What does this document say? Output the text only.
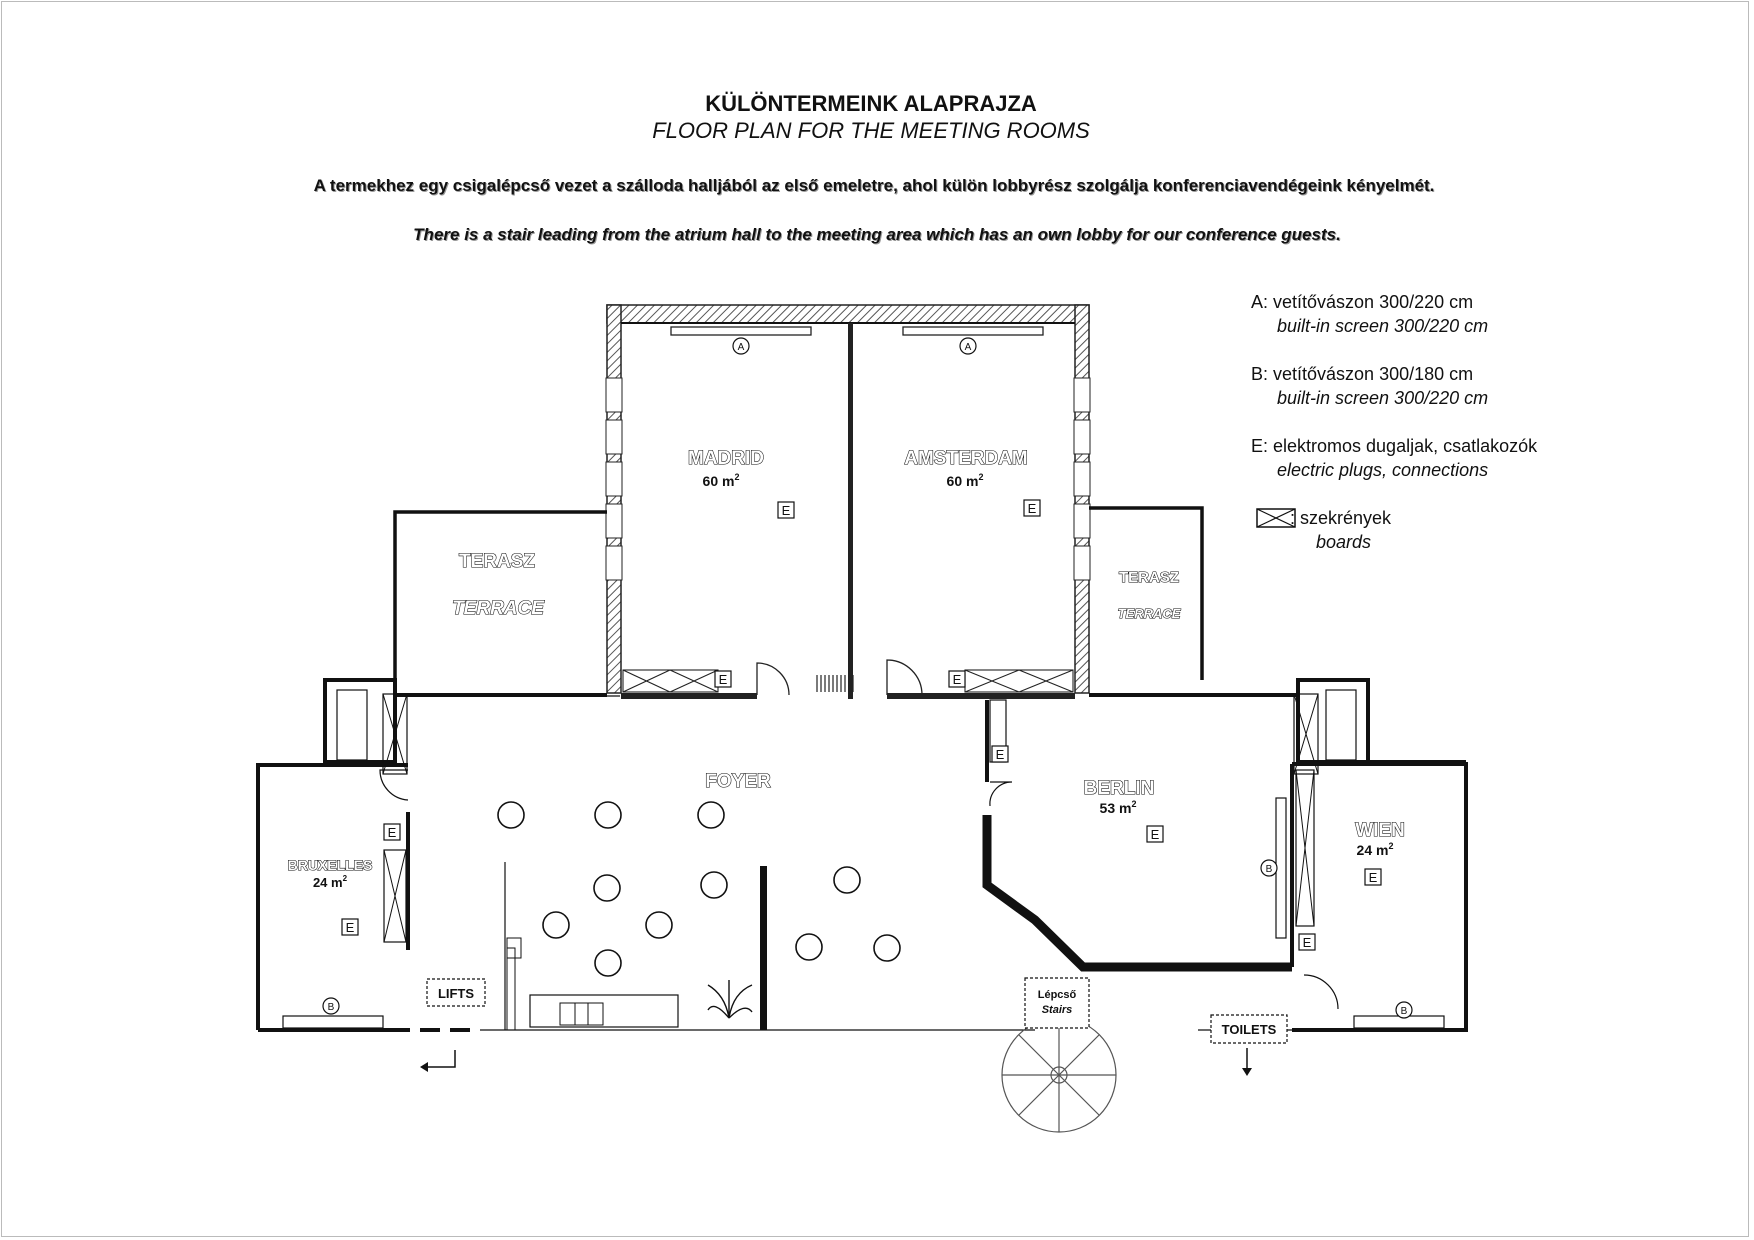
KÜLÖNTERMEINK ALAPRAJZA
FLOOR PLAN FOR THE MEETING ROOMS
A termekhez egy csigalépcső vezet a szálloda halljából az első emeletre, ahol külön lobbyrész szolgálja konferenciavendégeink kényelmét.
There is a stair leading from the atrium hall to the meeting area which has an own lobby for our conference guests.
A: vetítővászon 300/220 cm
built-in screen 300/220 cm
B: vetítővászon 300/180 cm
built-in screen 300/220 cm
E: elektromos dugaljak, csatlakozók
electric plugs, connections
: szekrények
boards
A	A
B
B	B
E	E
E	E
E
E
E
E
E
E
MADRID
60 $m^2$
AMSTERDAM
60 $m^2$
BERLIN
53 $m^2$
WIEN
24 $m^2$
BRUXELLES
24 $m^2$
FOYER
TERASZ
TERRACE
TERASZ
TERRACE
LIFTS	Lépcső
Stairs
TOILETS
